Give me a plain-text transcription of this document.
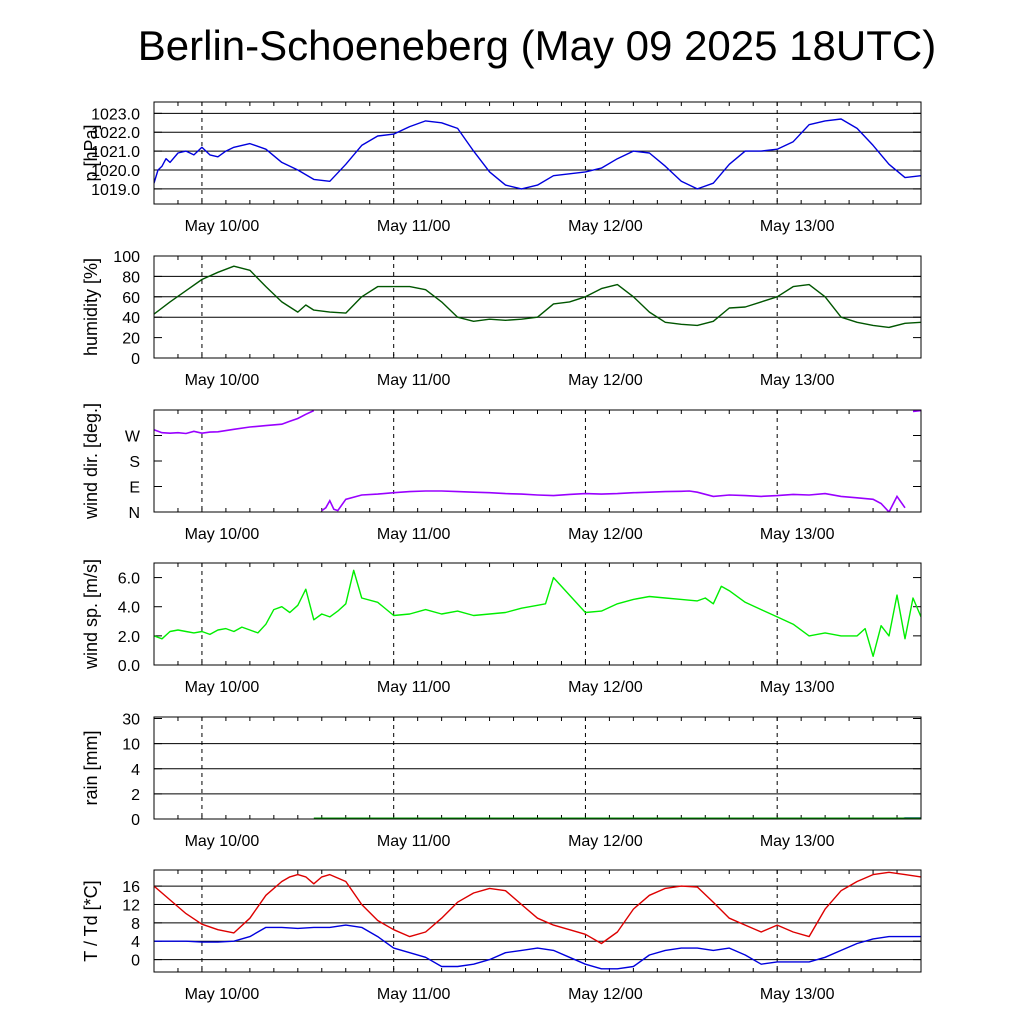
Berlin-Schoeneberg (May 09 2025 18UTC)
May 10/00	May 11/00	May 12/00	May 13/00
1019.0
1020.0
1021.0
1022.0
1023.0
p [hPa]
May 10/00	May 11/00	May 12/00	May 13/00
0
20
40
60
80
100
humidity [%]
May 10/00	May 11/00	May 12/00	May 13/00
N
E
S
W
wind dir. [deg.]
May 10/00	May 11/00	May 12/00	May 13/00
0.0
2.0
4.0
6.0
wind sp. [m/s]
May 10/00	May 11/00	May 12/00	May 13/00
0
2
4
10
30
rain [mm]
May 10/00	May 11/00	May 12/00	May 13/00
0
4
8
12
16
T / Td [*C]
